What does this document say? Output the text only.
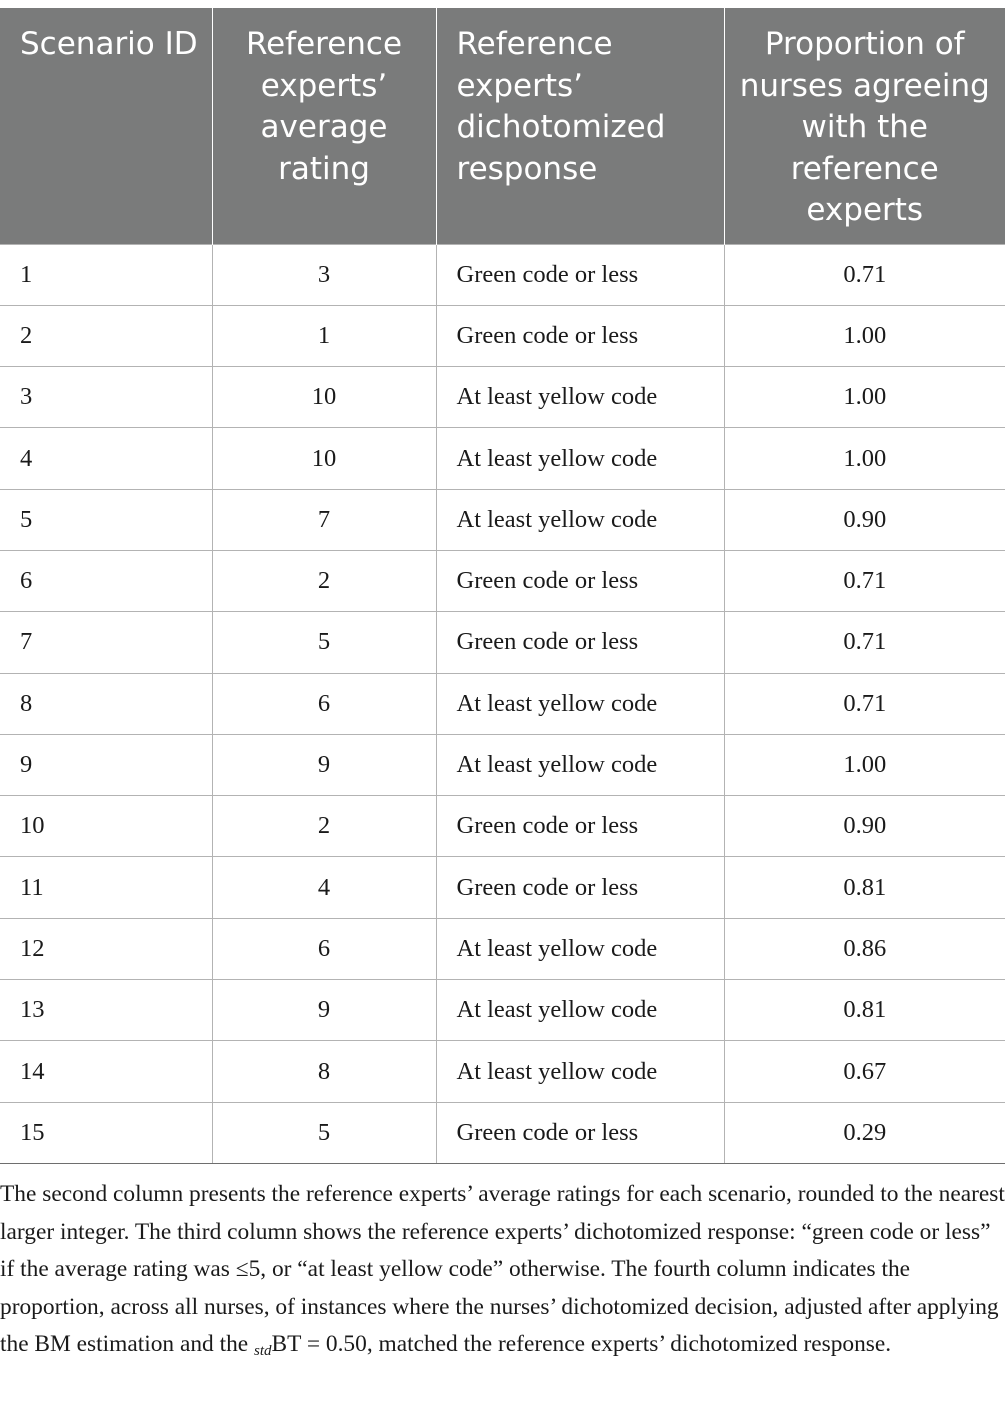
Scenario ID	Reference experts’ average rating	Reference experts’ dichotomized response	Proportion of nurses agreeing with the reference experts
1	3	Green code or less	0.71
2	1	Green code or less	1.00
3	10	At least yellow code	1.00
4	10	At least yellow code	1.00
5	7	At least yellow code	0.90
6	2	Green code or less	0.71
7	5	Green code or less	0.71
8	6	At least yellow code	0.71
9	9	At least yellow code	1.00
10	2	Green code or less	0.90
11	4	Green code or less	0.81
12	6	At least yellow code	0.86
13	9	At least yellow code	0.81
14	8	At least yellow code	0.67
15	5	Green code or less	0.29

The second column presents the reference experts’ average ratings for each scenario, rounded to the nearest larger integer. The third column shows the reference experts’ dichotomized response: “green code or less” if the average rating was ≤5, or “at least yellow code” otherwise. The fourth column indicates the proportion, across all nurses, of instances where the nurses’ dichotomized decision, adjusted after applying the BM estimation and the $_{std}$BT = 0.50, matched the reference experts’ dichotomized response.
